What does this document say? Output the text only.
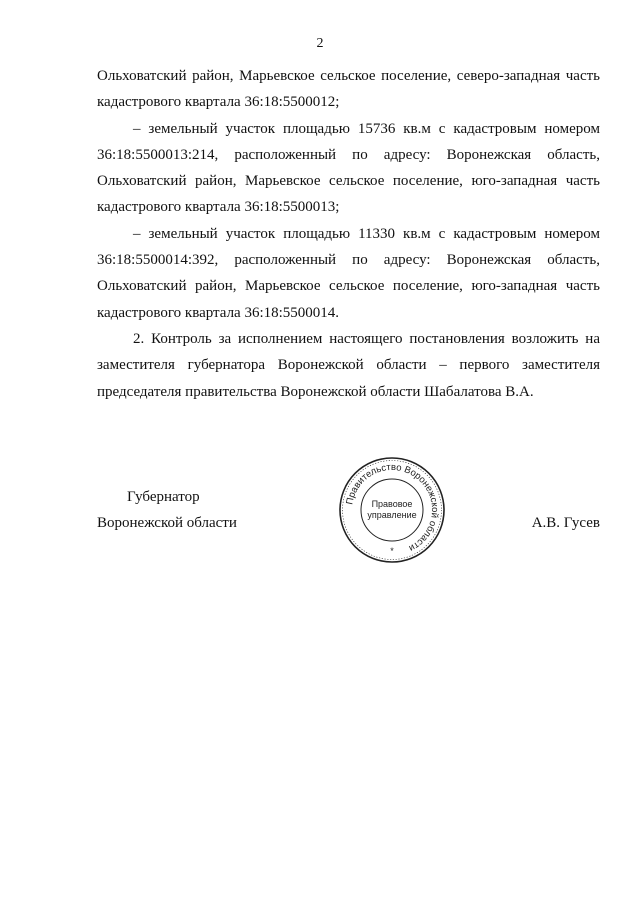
2

Ольховатский район, Марьевское сельское поселение, северо-западная часть кадастрового квартала 36:18:5500012;

– земельный участок площадью 15736 кв.м с кадастровым номером 36:18:5500013:214, расположенный по адресу: Воронежская область, Ольховатский район, Марьевское сельское поселение, юго-западная часть кадастрового квартала 36:18:5500013;

– земельный участок площадью 11330 кв.м с кадастровым номером 36:18:5500014:392, расположенный по адресу: Воронежская область, Ольховатский район, Марьевское сельское поселение, юго-западная часть кадастрового квартала 36:18:5500014.

2. Контроль за исполнением настоящего постановления возложить на заместителя губернатора Воронежской области – первого заместителя председателя правительства Воронежской области Шабалатова В.А.

Губернатор
Воронежской области	А.В. Гусев
Правительство Воронежской области
Правовое
управление
*
